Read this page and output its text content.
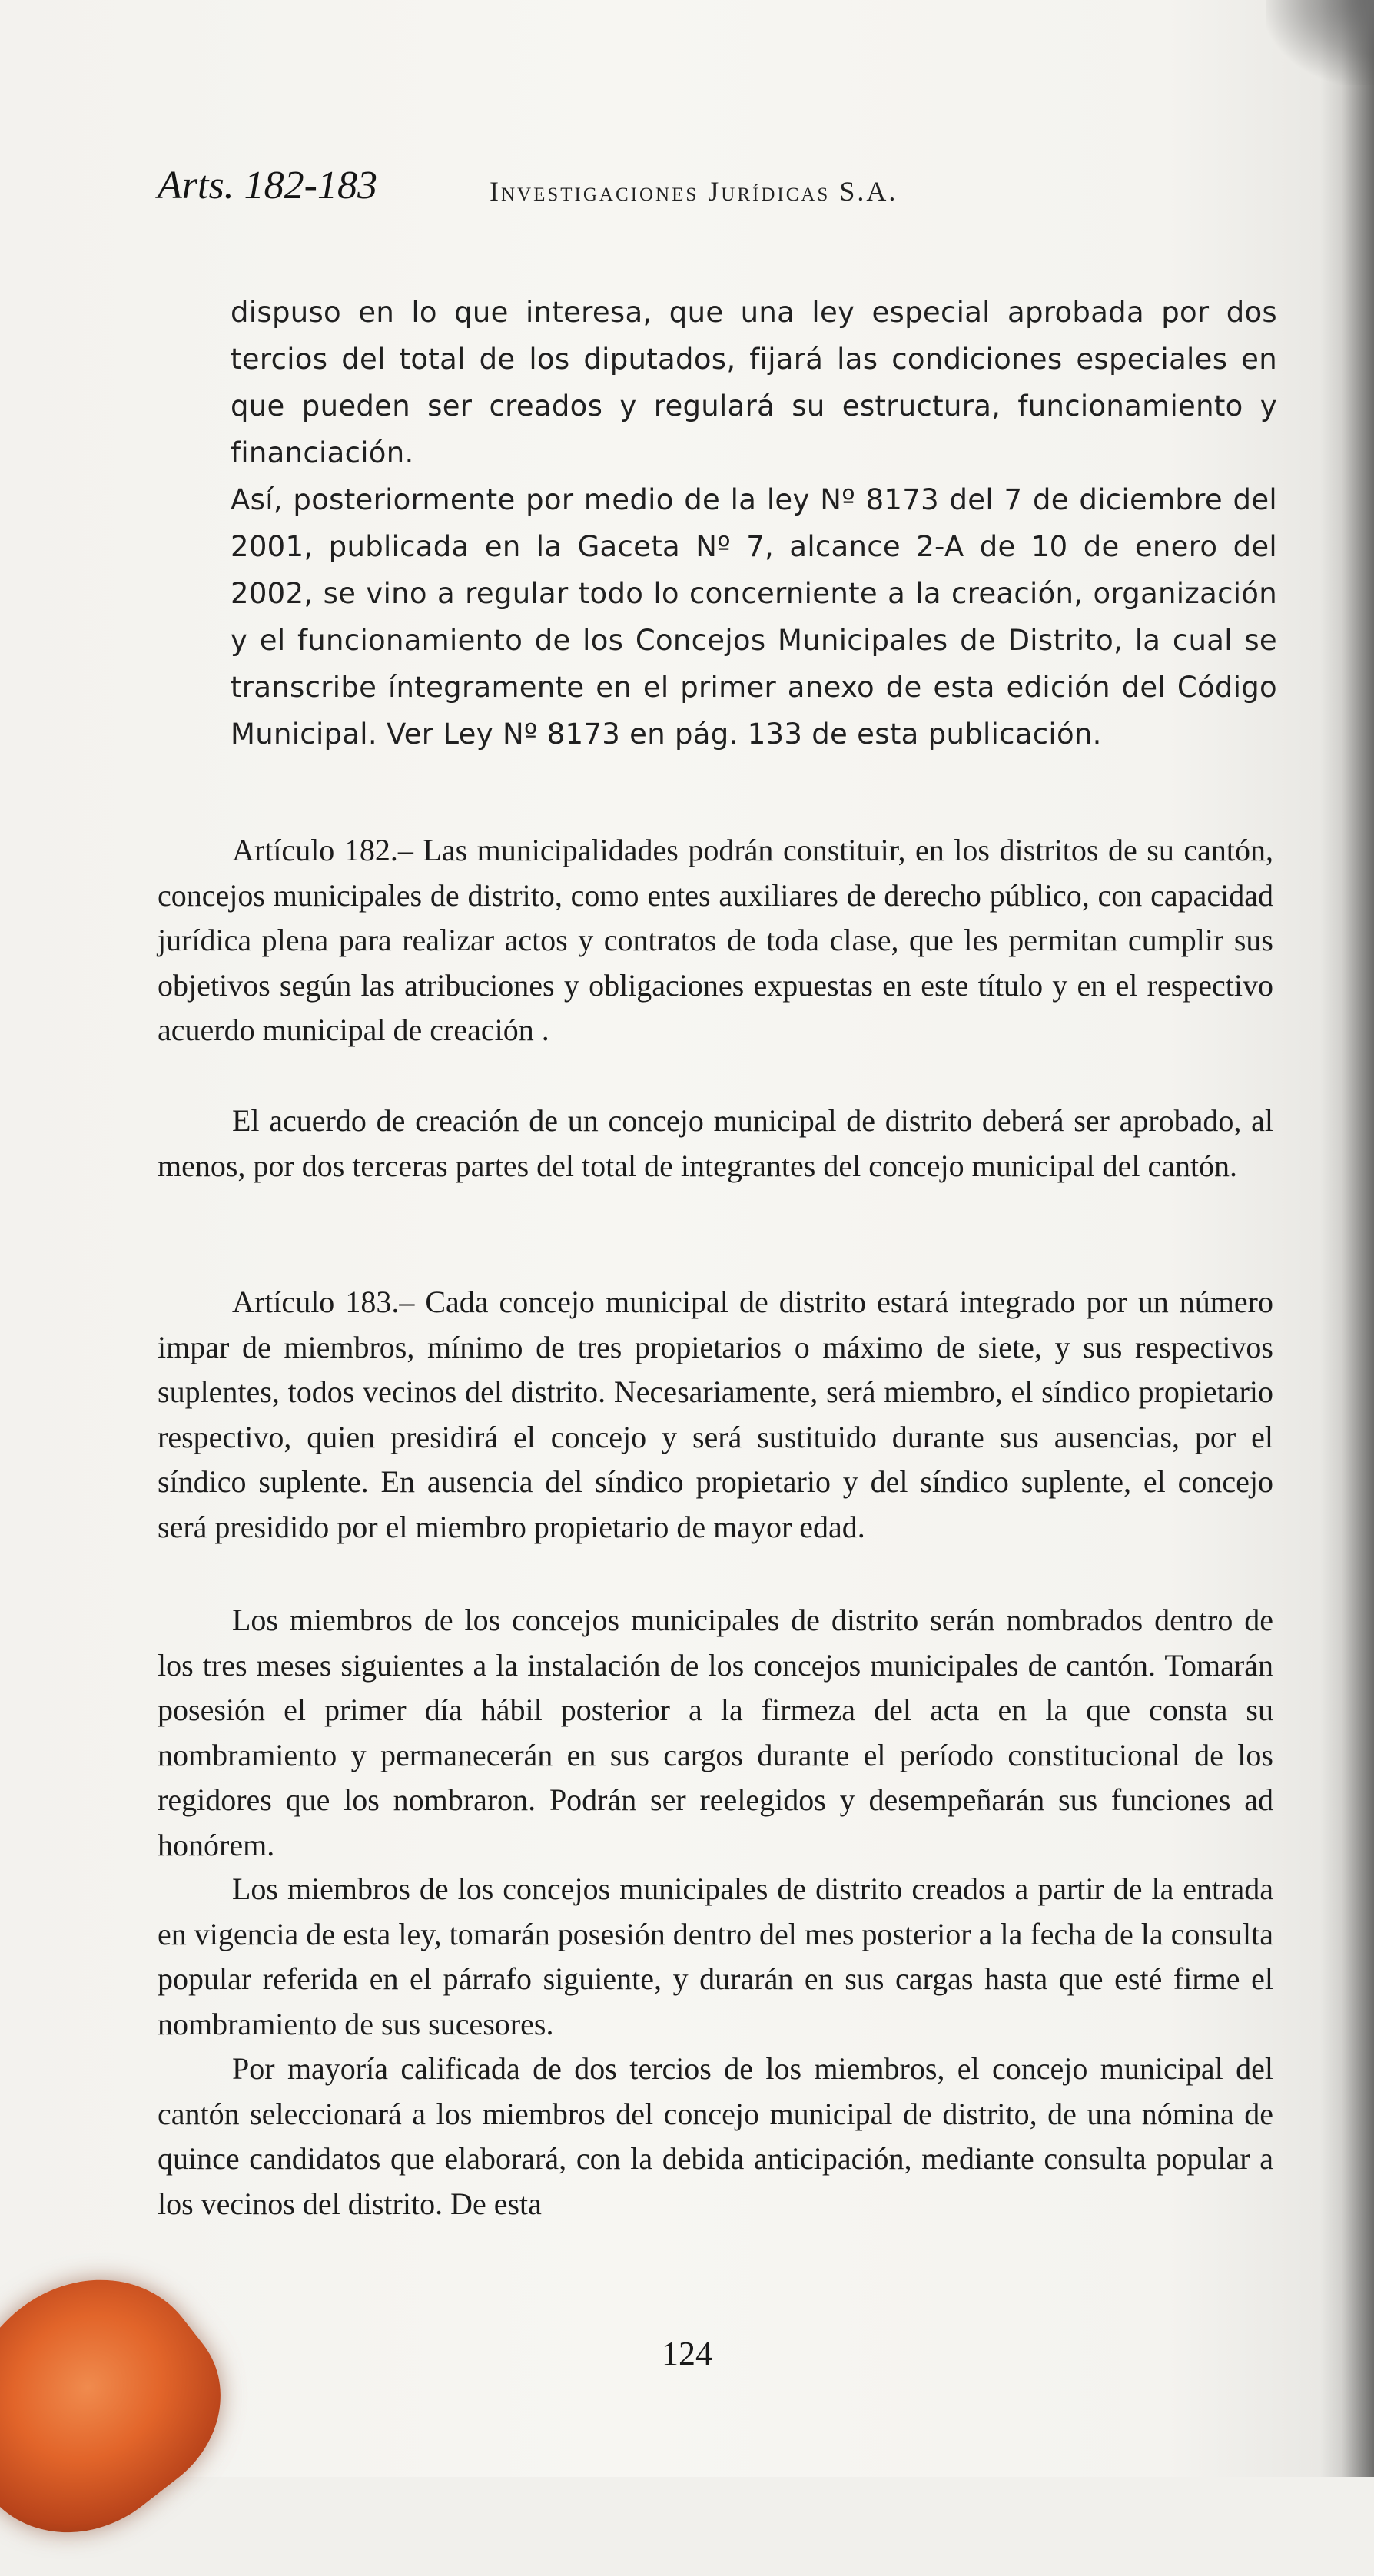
Arts. 182-183	Investigaciones Jurídicas S.A.

dispuso en lo que interesa, que una ley especial aprobada por dos tercios del total de los diputados, fijará las condiciones especiales en que pueden ser creados y regulará su estructura, funcionamiento y financiación.

Así, posteriormente por medio de la ley Nº 8173 del 7 de diciembre del 2001, publicada en la Gaceta Nº 7, alcance 2-A de 10 de enero del 2002, se vino a regular todo lo concerniente a la creación, organización y el funcionamiento de los Concejos Municipales de Distrito, la cual se transcribe íntegramente en el primer anexo de esta edición del Código Municipal. Ver Ley Nº 8173 en pág. 133 de esta publicación.

Artículo 182.– Las municipalidades podrán constituir, en los distritos de su cantón, concejos municipales de distrito, como entes auxiliares de derecho público, con capacidad jurídica plena para realizar actos y contratos de toda clase, que les permitan cumplir sus objetivos según las atribuciones y obligaciones expuestas en este título y en el respectivo acuerdo municipal de creación .

El acuerdo de creación de un concejo municipal de distrito deberá ser aprobado, al menos, por dos terceras partes del total de integrantes del concejo municipal del cantón.

Artículo 183.– Cada concejo municipal de distrito estará integrado por un número impar de miembros, mínimo de tres propietarios o máximo de siete, y sus respectivos suplentes, todos vecinos del distrito. Necesariamente, será miembro, el síndico propietario respectivo, quien presidirá el concejo y será sustituido durante sus ausencias, por el síndico suplente. En ausencia del síndico propietario y del síndico suplente, el concejo será presidido por el miembro propietario de mayor edad.

Los miembros de los concejos municipales de distrito serán nombrados dentro de los tres meses siguientes a la instalación de los concejos municipales de cantón. Tomarán posesión el primer día hábil posterior a la firmeza del acta en la que consta su nombramiento y permanecerán en sus cargos durante el período constitucional de los regidores que los nombraron. Podrán ser reelegidos y desempeñarán sus funciones ad honórem.

Los miembros de los concejos municipales de distrito creados a partir de la entrada en vigencia de esta ley, tomarán posesión dentro del mes posterior a la fecha de la consulta popular referida en el párrafo siguiente, y durarán en sus cargas hasta que esté firme el nombramiento de sus sucesores.

Por mayoría calificada de dos tercios de los miembros, el concejo municipal del cantón seleccionará a los miembros del concejo municipal de distrito, de una nómina de quince candidatos que elaborará, con la debida anticipación, mediante consulta popular a los vecinos del distrito. De esta

124
